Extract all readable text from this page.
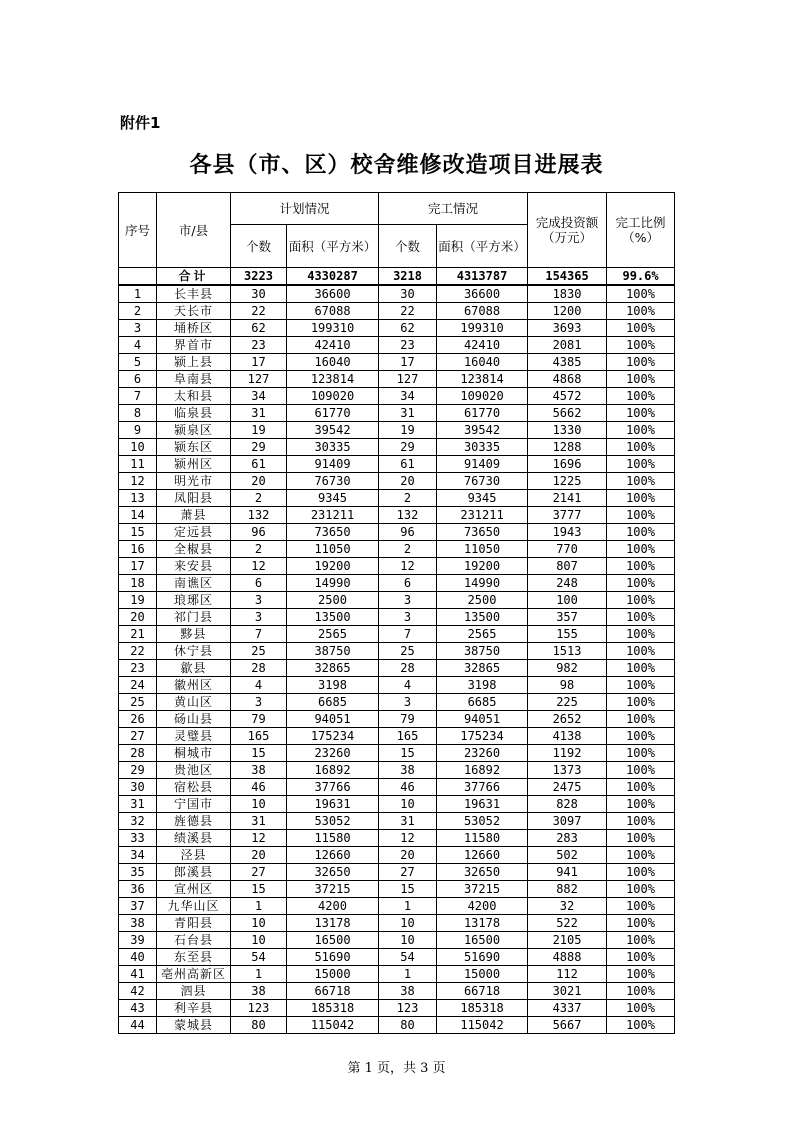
附件1
各县（市、区）校舍维修改造项目进展表
序号	市/县	计划情况		完工情况		完成投资额（万元）	完工比例（%）
		个数	面积（平方米）	个数	面积（平方米）		
	合计	3223	4330287	3218	4313787	154365	99.6%
1	长丰县	30	36600	30	36600	1830	100%
2	天长市	22	67088	22	67088	1200	100%
3	埇桥区	62	199310	62	199310	3693	100%
4	界首市	23	42410	23	42410	2081	100%
5	颍上县	17	16040	17	16040	4385	100%
6	阜南县	127	123814	127	123814	4868	100%
7	太和县	34	109020	34	109020	4572	100%
8	临泉县	31	61770	31	61770	5662	100%
9	颍泉区	19	39542	19	39542	1330	100%
10	颍东区	29	30335	29	30335	1288	100%
11	颍州区	61	91409	61	91409	1696	100%
12	明光市	20	76730	20	76730	1225	100%
13	凤阳县	2	9345	2	9345	2141	100%
14	萧县	132	231211	132	231211	3777	100%
15	定远县	96	73650	96	73650	1943	100%
16	全椒县	2	11050	2	11050	770	100%
17	来安县	12	19200	12	19200	807	100%
18	南谯区	6	14990	6	14990	248	100%
19	琅琊区	3	2500	3	2500	100	100%
20	祁门县	3	13500	3	13500	357	100%
21	黟县	7	2565	7	2565	155	100%
22	休宁县	25	38750	25	38750	1513	100%
23	歙县	28	32865	28	32865	982	100%
24	徽州区	4	3198	4	3198	98	100%
25	黄山区	3	6685	3	6685	225	100%
26	砀山县	79	94051	79	94051	2652	100%
27	灵璧县	165	175234	165	175234	4138	100%
28	桐城市	15	23260	15	23260	1192	100%
29	贵池区	38	16892	38	16892	1373	100%
30	宿松县	46	37766	46	37766	2475	100%
31	宁国市	10	19631	10	19631	828	100%
32	旌德县	31	53052	31	53052	3097	100%
33	绩溪县	12	11580	12	11580	283	100%
34	泾县	20	12660	20	12660	502	100%
35	郎溪县	27	32650	27	32650	941	100%
36	宣州区	15	37215	15	37215	882	100%
37	九华山区	1	4200	1	4200	32	100%
38	青阳县	10	13178	10	13178	522	100%
39	石台县	10	16500	10	16500	2105	100%
40	东至县	54	51690	54	51690	4888	100%
41	亳州高新区	1	15000	1	15000	112	100%
42	泗县	38	66718	38	66718	3021	100%
43	利辛县	123	185318	123	185318	4337	100%
44	蒙城县	80	115042	80	115042	5667	100%
第 1 页，共 3 页
